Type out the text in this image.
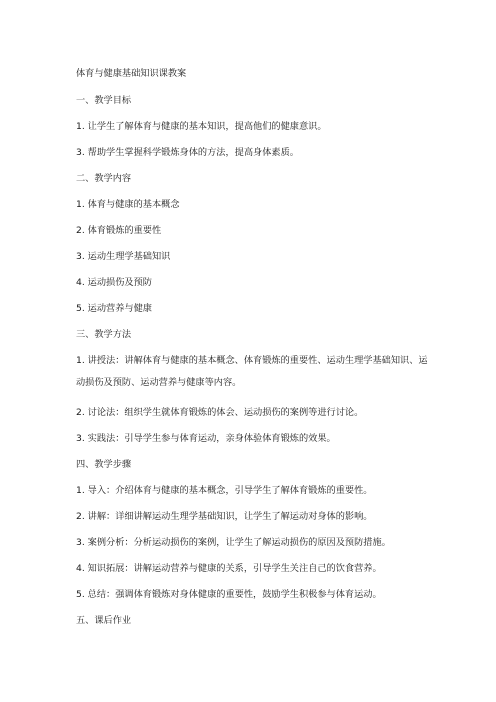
体育与健康基础知识课教案
一、教学目标
1. 让学生了解体育与健康的基本知识，提高他们的健康意识。
3. 帮助学生掌握科学锻炼身体的方法，提高身体素质。
二、教学内容
1. 体育与健康的基本概念
2. 体育锻炼的重要性
3. 运动生理学基础知识
4. 运动损伤及预防
5. 运动营养与健康
三、教学方法
1. 讲授法：讲解体育与健康的基本概念、体育锻炼的重要性、运动生理学基础知识、运动损伤及预防、运动营养与健康等内容。
2. 讨论法：组织学生就体育锻炼的体会、运动损伤的案例等进行讨论。
3. 实践法：引导学生参与体育运动，亲身体验体育锻炼的效果。
四、教学步骤
1. 导入：介绍体育与健康的基本概念，引导学生了解体育锻炼的重要性。
2. 讲解：详细讲解运动生理学基础知识，让学生了解运动对身体的影响。
3. 案例分析：分析运动损伤的案例，让学生了解运动损伤的原因及预防措施。
4. 知识拓展：讲解运动营养与健康的关系，引导学生关注自己的饮食营养。
5. 总结：强调体育锻炼对身体健康的重要性，鼓励学生积极参与体育运动。
五、课后作业
